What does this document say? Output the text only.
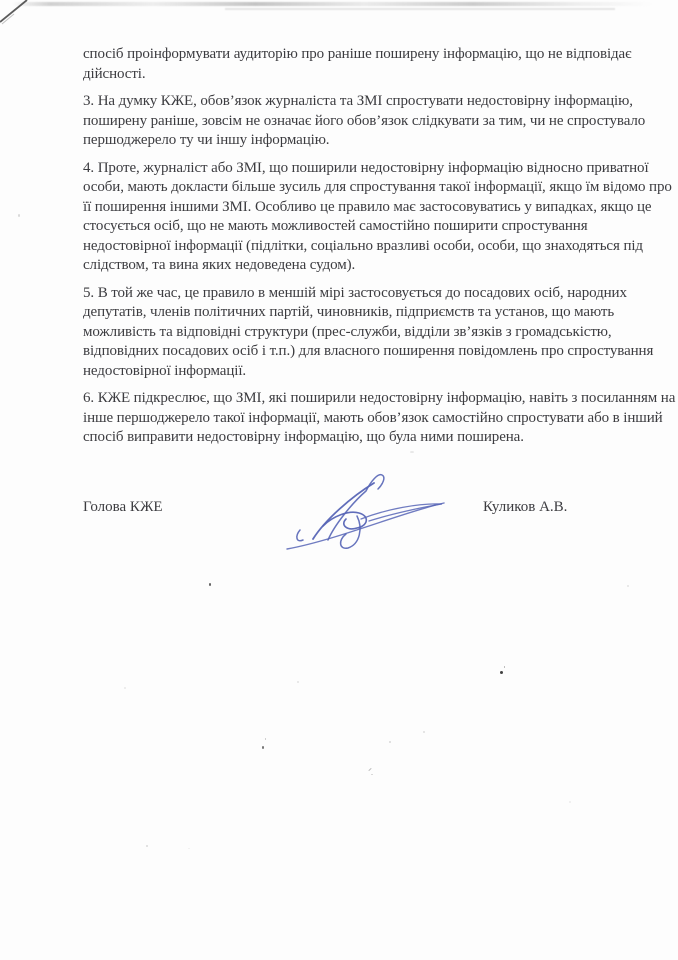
спосіб проінформувати аудиторію про раніше поширену інформацію, що не відповідає
дійсності.
3. На думку КЖЕ, обов’язок журналіста та ЗМІ спростувати недостовірну інформацію,
поширену раніше, зовсім не означає його обов’язок слідкувати за тим, чи не спростувало
першоджерело ту чи іншу інформацію.
4. Проте, журналіст або ЗМІ, що поширили недостовірну інформацію відносно приватної
особи, мають докласти більше зусиль для спростування такої інформації, якщо їм відомо про
її поширення іншими ЗМІ. Особливо це правило має застосовуватись у випадках, якщо це
стосується осіб, що не мають можливостей самостійно поширити спростування
недостовірної інформації (підлітки, соціально вразливі особи, особи, що знаходяться під
слідством, та вина яких недоведена судом).
5. В той же час, це правило в меншій мірі застосовується до посадових осіб, народних
депутатів, членів політичних партій, чиновників, підприємств та установ, що мають
можливість та відповідні структури (прес-служби, відділи зв’язків з громадськістю,
відповідних посадових осіб і т.п.) для власного поширення повідомлень про спростування
недостовірної інформації.
6. КЖЕ підкреслює, що ЗМІ, які поширили недостовірну інформацію, навіть з посиланням на
інше першоджерело такої інформації, мають обов’язок самостійно спростувати або в інший
спосіб виправити недостовірну інформацію, що була ними поширена.
Голова КЖЕ	Куликов А.В.
